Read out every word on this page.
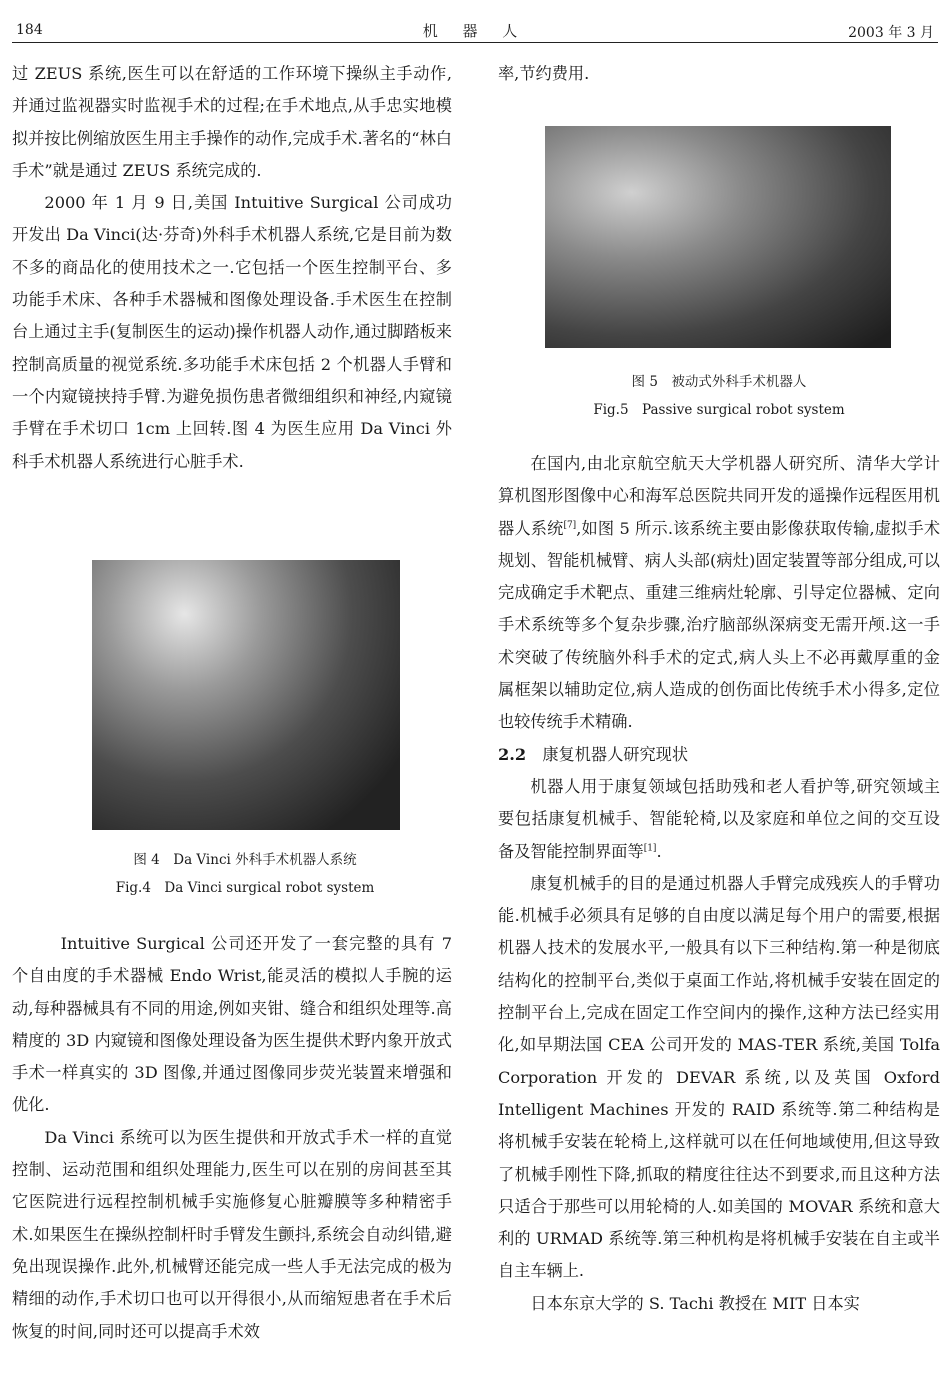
184	机 器 人	2003 年 3 月

过 ZEUS 系统,医生可以在舒适的工作环境下操纵主手动作,并通过监视器实时监视手术的过程;在手术地点,从手忠实地模拟并按比例缩放医生用主手操作的动作,完成手术.著名的“林白手术”就是通过 ZEUS 系统完成的.

2000 年 1 月 9 日,美国 Intuitive Surgical 公司成功开发出 Da Vinci(达·芬奇)外科手术机器人系统,它是目前为数不多的商品化的使用技术之一.它包括一个医生控制平台、多功能手术床、各种手术器械和图像处理设备.手术医生在控制台上通过主手(复制医生的运动)操作机器人动作,通过脚踏板来控制高质量的视觉系统.多功能手术床包括 2 个机器人手臂和一个内窥镜挟持手臂.为避免损伤患者微细组织和神经,内窥镜手臂在手术切口 1cm 上回转.图 4 为医生应用 Da Vinci 外科手术机器人系统进行心脏手术.

图 4　Da Vinci 外科手术机器人系统
Fig.4　Da Vinci surgical robot system

Intuitive Surgical 公司还开发了一套完整的具有 7 个自由度的手术器械 Endo Wrist,能灵活的模拟人手腕的运动,每种器械具有不同的用途,例如夹钳、缝合和组织处理等.高精度的 3D 内窥镜和图像处理设备为医生提供术野内象开放式手术一样真实的 3D 图像,并通过图像同步荧光装置来增强和优化.

Da Vinci 系统可以为医生提供和开放式手术一样的直觉控制、运动范围和组织处理能力,医生可以在别的房间甚至其它医院进行远程控制机械手实施修复心脏瓣膜等多种精密手术.如果医生在操纵控制杆时手臂发生颤抖,系统会自动纠错,避免出现误操作.此外,机械臂还能完成一些人手无法完成的极为精细的动作,手术切口也可以开得很小,从而缩短患者在手术后恢复的时间,同时还可以提高手术效

率,节约费用.

图 5　被动式外科手术机器人
Fig.5　Passive surgical robot system

在国内,由北京航空航天大学机器人研究所、清华大学计算机图形图像中心和海军总医院共同开发的遥操作远程医用机器人系统[7],如图 5 所示.该系统主要由影像获取传输,虚拟手术规划、智能机械臂、病人头部(病灶)固定装置等部分组成,可以完成确定手术靶点、重建三维病灶轮廓、引导定位器械、定向手术系统等多个复杂步骤,治疗脑部纵深病变无需开颅.这一手术突破了传统脑外科手术的定式,病人头上不必再戴厚重的金属框架以辅助定位,病人造成的创伤面比传统手术小得多,定位也较传统手术精确.

2.2　 康复机器人研究现状

机器人用于康复领域包括助残和老人看护等,研究领域主要包括康复机械手、智能轮椅,以及家庭和单位之间的交互设备及智能控制界面等[1].

康复机械手的目的是通过机器人手臂完成残疾人的手臂功能.机械手必须具有足够的自由度以满足每个用户的需要,根据机器人技术的发展水平,一般具有以下三种结构.第一种是彻底结构化的控制平台,类似于桌面工作站,将机械手安装在固定的控制平台上,完成在固定工作空间内的操作,这种方法已经实用化,如早期法国 CEA 公司开发的 MAS-TER 系统,美国 Tolfa Corporation 开发的 DEVAR 系统,以及英国 Oxford Intelligent Machines 开发的 RAID 系统等.第二种结构是将机械手安装在轮椅上,这样就可以在任何地域使用,但这导致了机械手刚性下降,抓取的精度往往达不到要求,而且这种方法只适合于那些可以用轮椅的人.如美国的 MOVAR 系统和意大利的 URMAD 系统等.第三种机构是将机械手安装在自主或半自主车辆上.

日本东京大学的 S. Tachi 教授在 MIT 日本实
